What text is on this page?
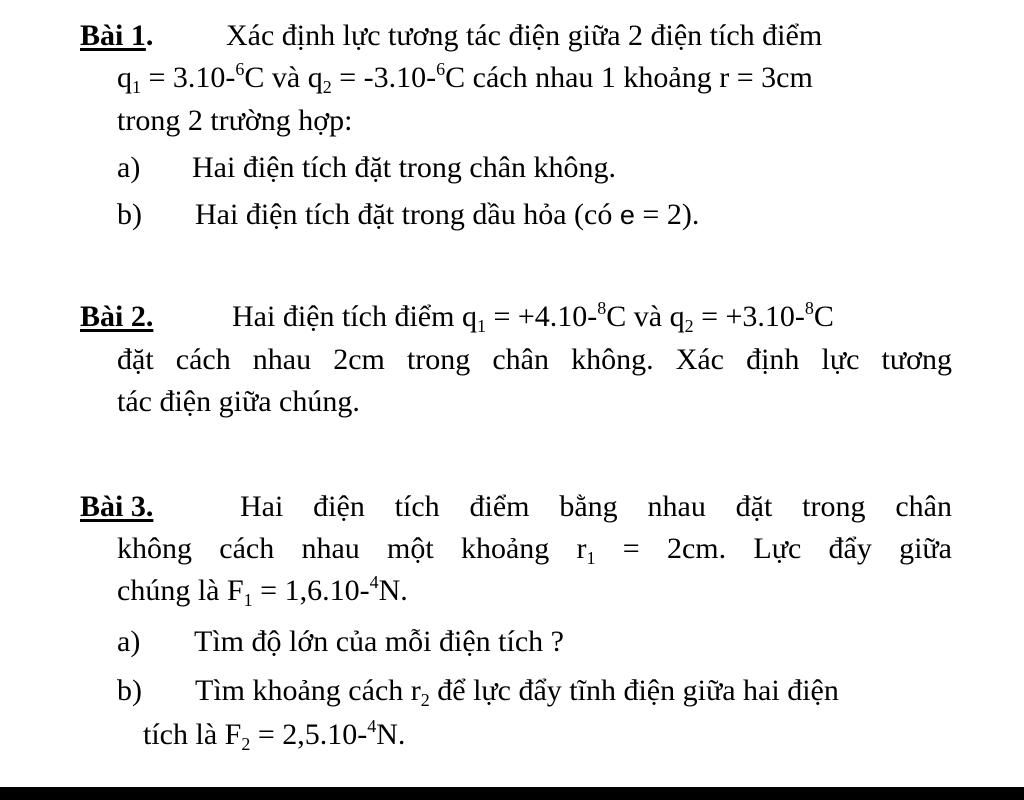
Bài 1. Xác định lực tương tác điện giữa 2 điện tích điểm
$q_1 = 3.10-^6C$ và $q_2 = -3.10-^6C$ cách nhau 1 khoảng r = 3cm
trong 2 trường hợp:
a) Hai điện tích đặt trong chân không.
b) Hai điện tích đặt trong dầu hỏa (có e = 2).
Bài 2.	Hai điện tích điểm $q_1 = +4.10-^8C$ và $q_2 = +3.10-^8C$
đặt cách nhau 2cm trong chân không. Xác định lực tương
tác điện giữa chúng.
Bài 3.	Hai điện tích điểm bằng nhau đặt trong chân
không cách nhau một khoảng $r_1 = 2cm$. Lực đẩy giữa
chúng là $F_1 = 1,6.10-^4N$.
a) Tìm độ lớn của mỗi điện tích ?
b) Tìm khoảng cách $r_2$ để lực đẩy tĩnh điện giữa hai điện
tích là $F_2 = 2,5.10-^4N$.
